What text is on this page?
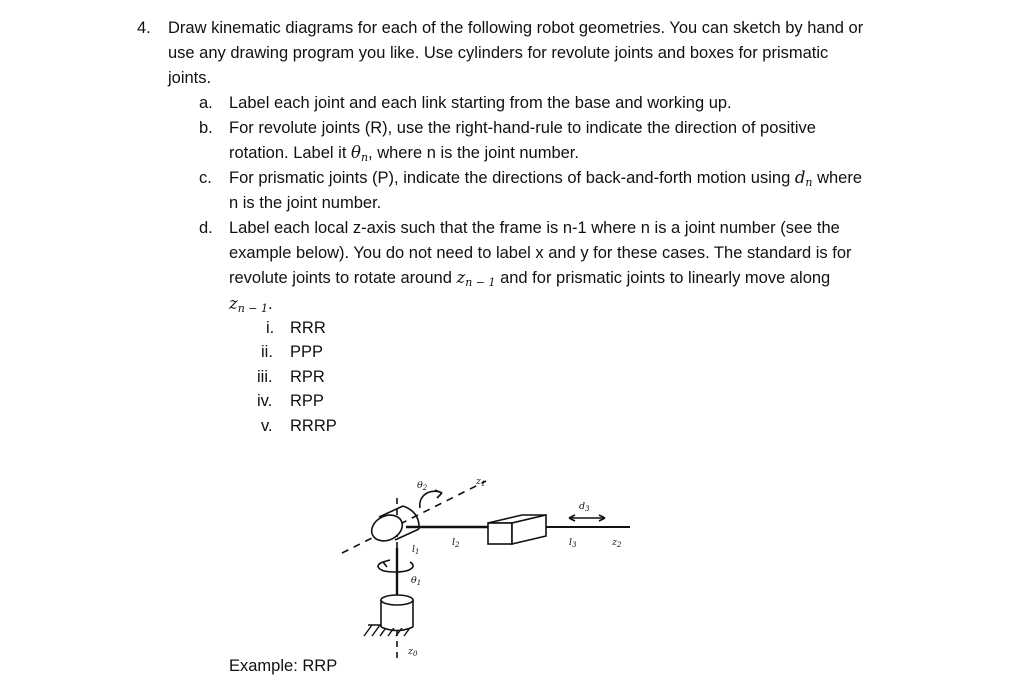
4. Draw kinematic diagrams for each of the following robot geometries. You can sketch by hand or
use any drawing program you like. Use cylinders for revolute joints and boxes for prismatic
joints.
a. Label each joint and each link starting from the base and working up.
b. For revolute joints (R), use the right-hand-rule to indicate the direction of positive
rotation. Label it $\theta_n$, where n is the joint number.
c. For prismatic joints (P), indicate the directions of back-and-forth motion using $d_n$ where
n is the joint number.
d. Label each local z-axis such that the frame is n-1 where n is a joint number (see the
example below). You do not need to label x and y for these cases. The standard is for
revolute joints to rotate around $z_{n - 1}$ and for prismatic joints to linearly move along
$z_{n - 1}$.
i. RRR
ii. PPP
iii. RPR
iv. RPP
v. RRRP
Example: RRP
$\theta_2$
$z_1$
$d_3$
$l_1$
$l_2$	$l_3$	$z_2$
$\theta_1$
$z_0$
